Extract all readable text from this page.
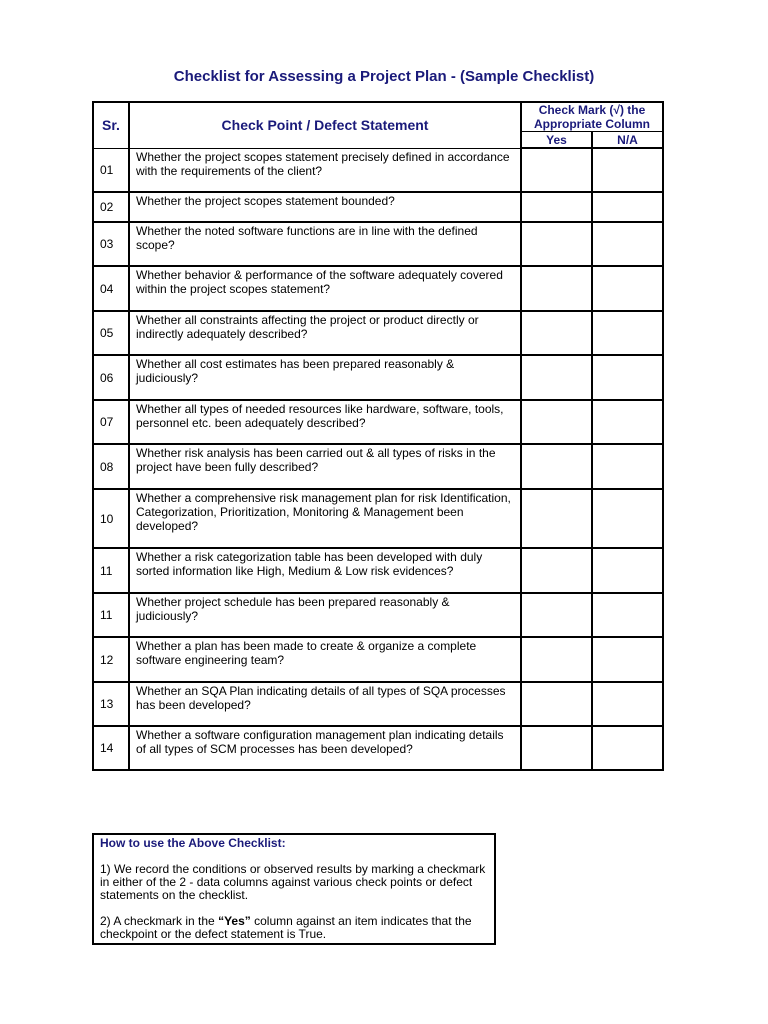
Checklist for Assessing a Project Plan - (Sample Checklist)
Sr.	Check Point / Defect Statement	Check Mark (√) the Appropriate Column	
		Yes	N/A
01	Whether the project scopes statement precisely defined in accordance with the requirements of the client?		
02	Whether the project scopes statement bounded?		
03	Whether the noted software functions are in line with the defined scope?		
04	Whether behavior & performance of the software adequately covered within the project scopes statement?		
05	Whether all constraints affecting the project or product directly or indirectly adequately described?		
06	Whether all cost estimates has been prepared reasonably & judiciously?		
07	Whether all types of needed resources like hardware, software, tools, personnel etc. been adequately described?		
08	Whether risk analysis has been carried out & all types of risks in the project have been fully described?		
10	Whether a comprehensive risk management plan for risk Identification, Categorization, Prioritization, Monitoring & Management been developed?		
11	Whether a risk categorization table has been developed with duly sorted information like High, Medium & Low risk evidences?		
11	Whether project schedule has been prepared reasonably & judiciously?		
12	Whether a plan has been made to create & organize a complete software engineering team?		
13	Whether an SQA Plan indicating details of all types of SQA processes has been developed?		
14	Whether a software configuration management plan indicating details of all types of SCM processes has been developed?		
How to use the Above Checklist:

1) We record the conditions or observed results by marking a checkmark in either of the 2 - data columns against various check points or defect statements on the checklist.

2) A checkmark in the “Yes” column against an item indicates that the checkpoint or the defect statement is True.
